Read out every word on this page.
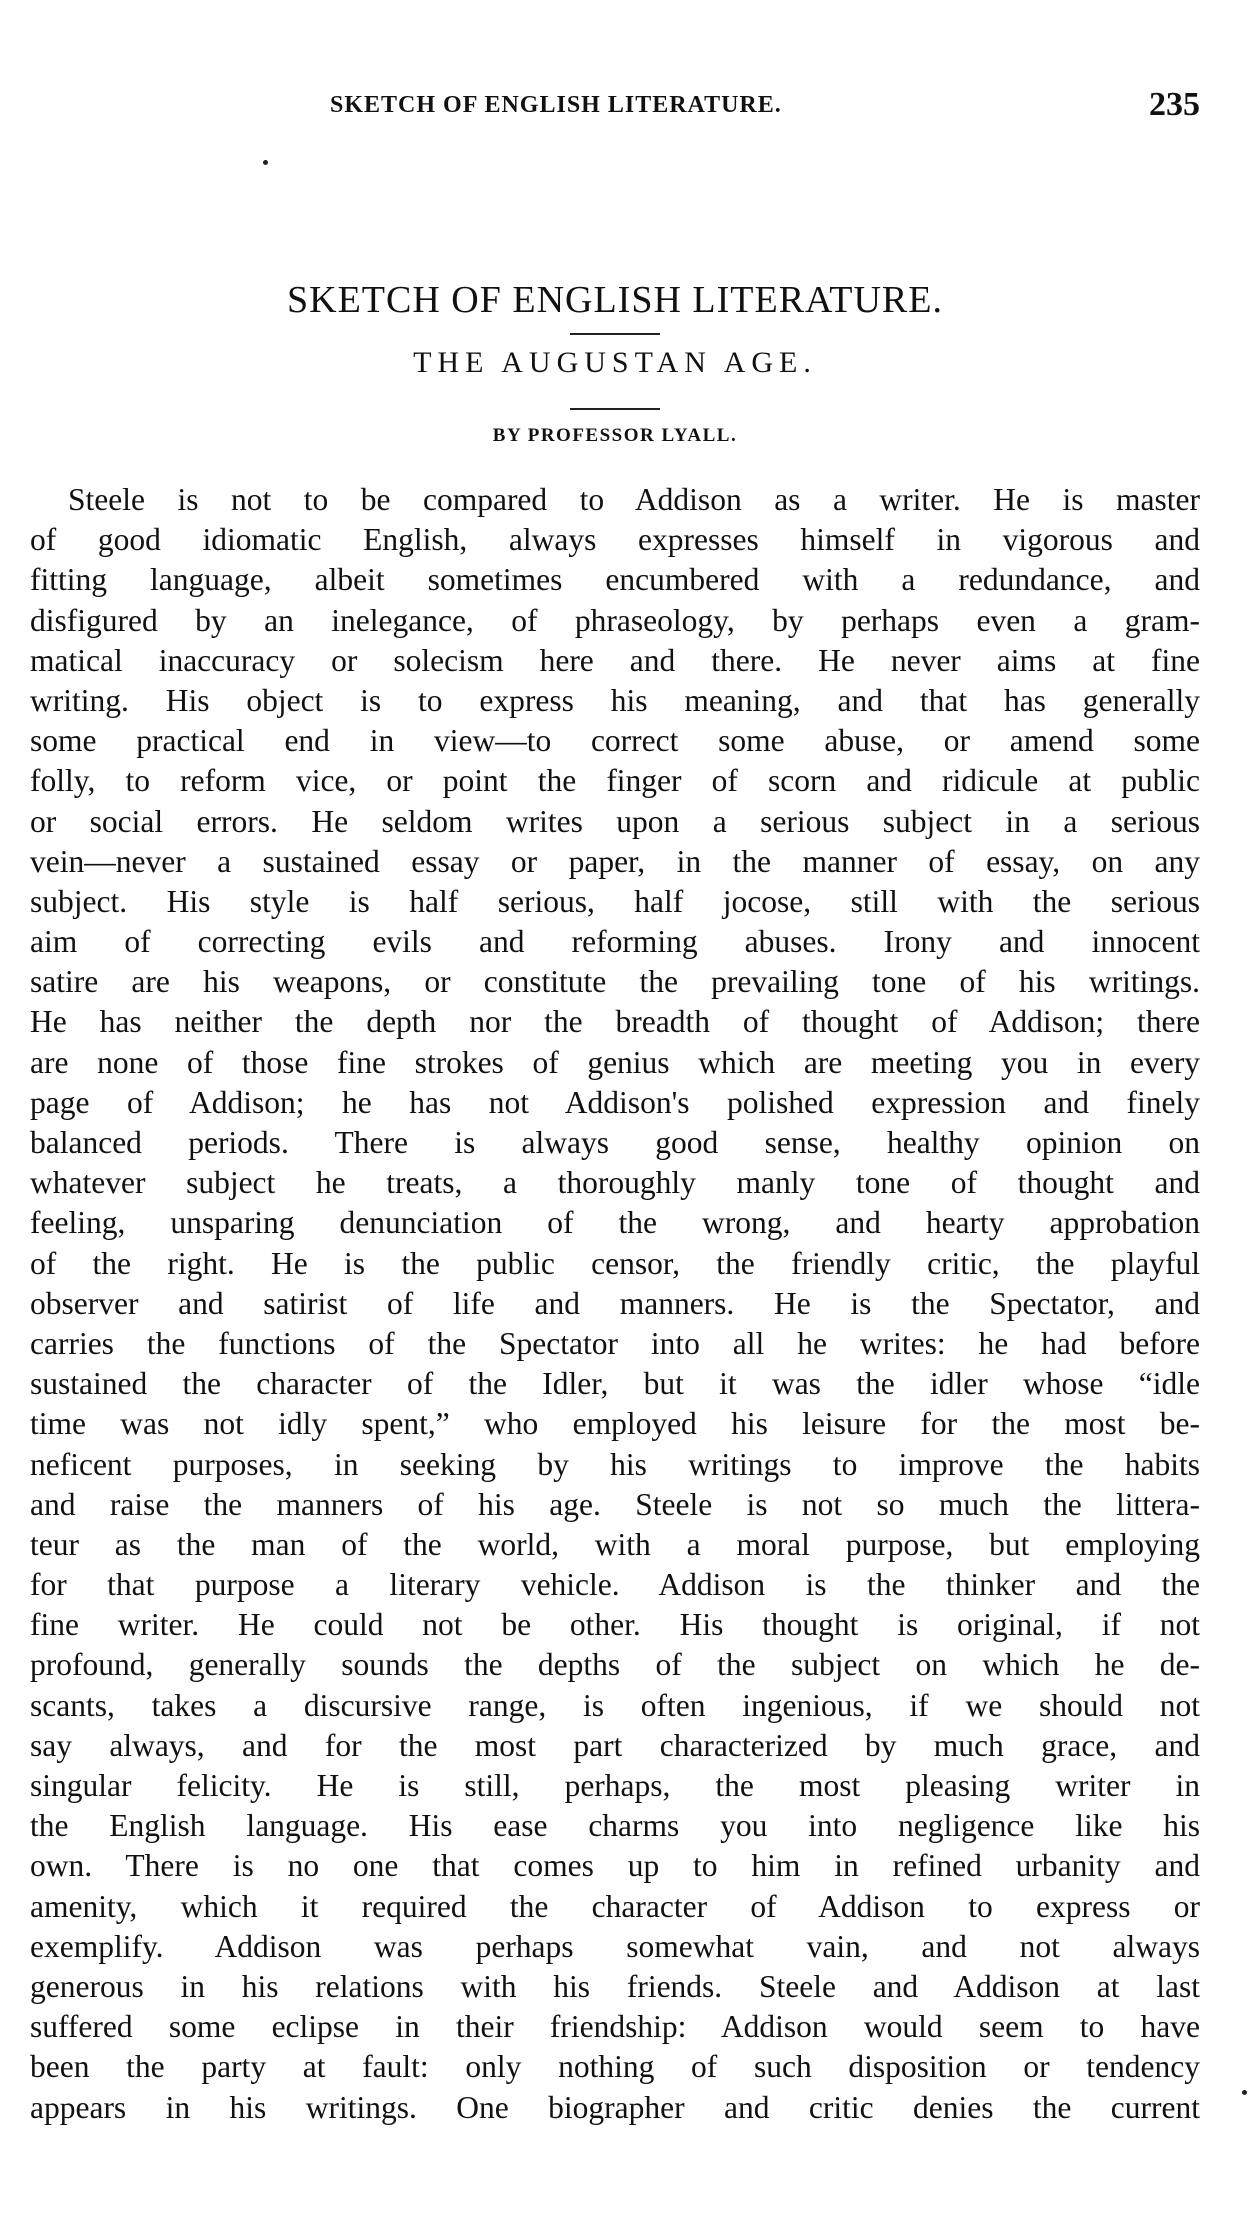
SKETCH OF ENGLISH LITERATURE.	235
SKETCH OF ENGLISH LITERATURE.
THE AUGUSTAN AGE.
BY PROFESSOR LYALL.
Steele is not to be compared to Addison as a writer. He is master
of good idiomatic English, always expresses himself in vigorous and
fitting language, albeit sometimes encumbered with a redundance, and
disfigured by an inelegance, of phraseology, by perhaps even a gram-
matical inaccuracy or solecism here and there. He never aims at fine
writing. His object is to express his meaning, and that has generally
some practical end in view—to correct some abuse, or amend some
folly, to reform vice, or point the finger of scorn and ridicule at public
or social errors. He seldom writes upon a serious subject in a serious
vein—never a sustained essay or paper, in the manner of essay, on any
subject. His style is half serious, half jocose, still with the serious
aim of correcting evils and reforming abuses. Irony and innocent
satire are his weapons, or constitute the prevailing tone of his writings.
He has neither the depth nor the breadth of thought of Addison; there
are none of those fine strokes of genius which are meeting you in every
page of Addison; he has not Addison's polished expression and finely
balanced periods. There is always good sense, healthy opinion on
whatever subject he treats, a thoroughly manly tone of thought and
feeling, unsparing denunciation of the wrong, and hearty approbation
of the right. He is the public censor, the friendly critic, the playful
observer and satirist of life and manners. He is the Spectator, and
carries the functions of the Spectator into all he writes: he had before
sustained the character of the Idler, but it was the idler whose “idle
time was not idly spent,” who employed his leisure for the most be-
neficent purposes, in seeking by his writings to improve the habits
and raise the manners of his age. Steele is not so much the littera-
teur as the man of the world, with a moral purpose, but employing
for that purpose a literary vehicle. Addison is the thinker and the
fine writer. He could not be other. His thought is original, if not
profound, generally sounds the depths of the subject on which he de-
scants, takes a discursive range, is often ingenious, if we should not
say always, and for the most part characterized by much grace, and
singular felicity. He is still, perhaps, the most pleasing writer in
the English language. His ease charms you into negligence like his
own. There is no one that comes up to him in refined urbanity and
amenity, which it required the character of Addison to express or
exemplify. Addison was perhaps somewhat vain, and not always
generous in his relations with his friends. Steele and Addison at last
suffered some eclipse in their friendship: Addison would seem to have
been the party at fault: only nothing of such disposition or tendency
appears in his writings. One biographer and critic denies the current
